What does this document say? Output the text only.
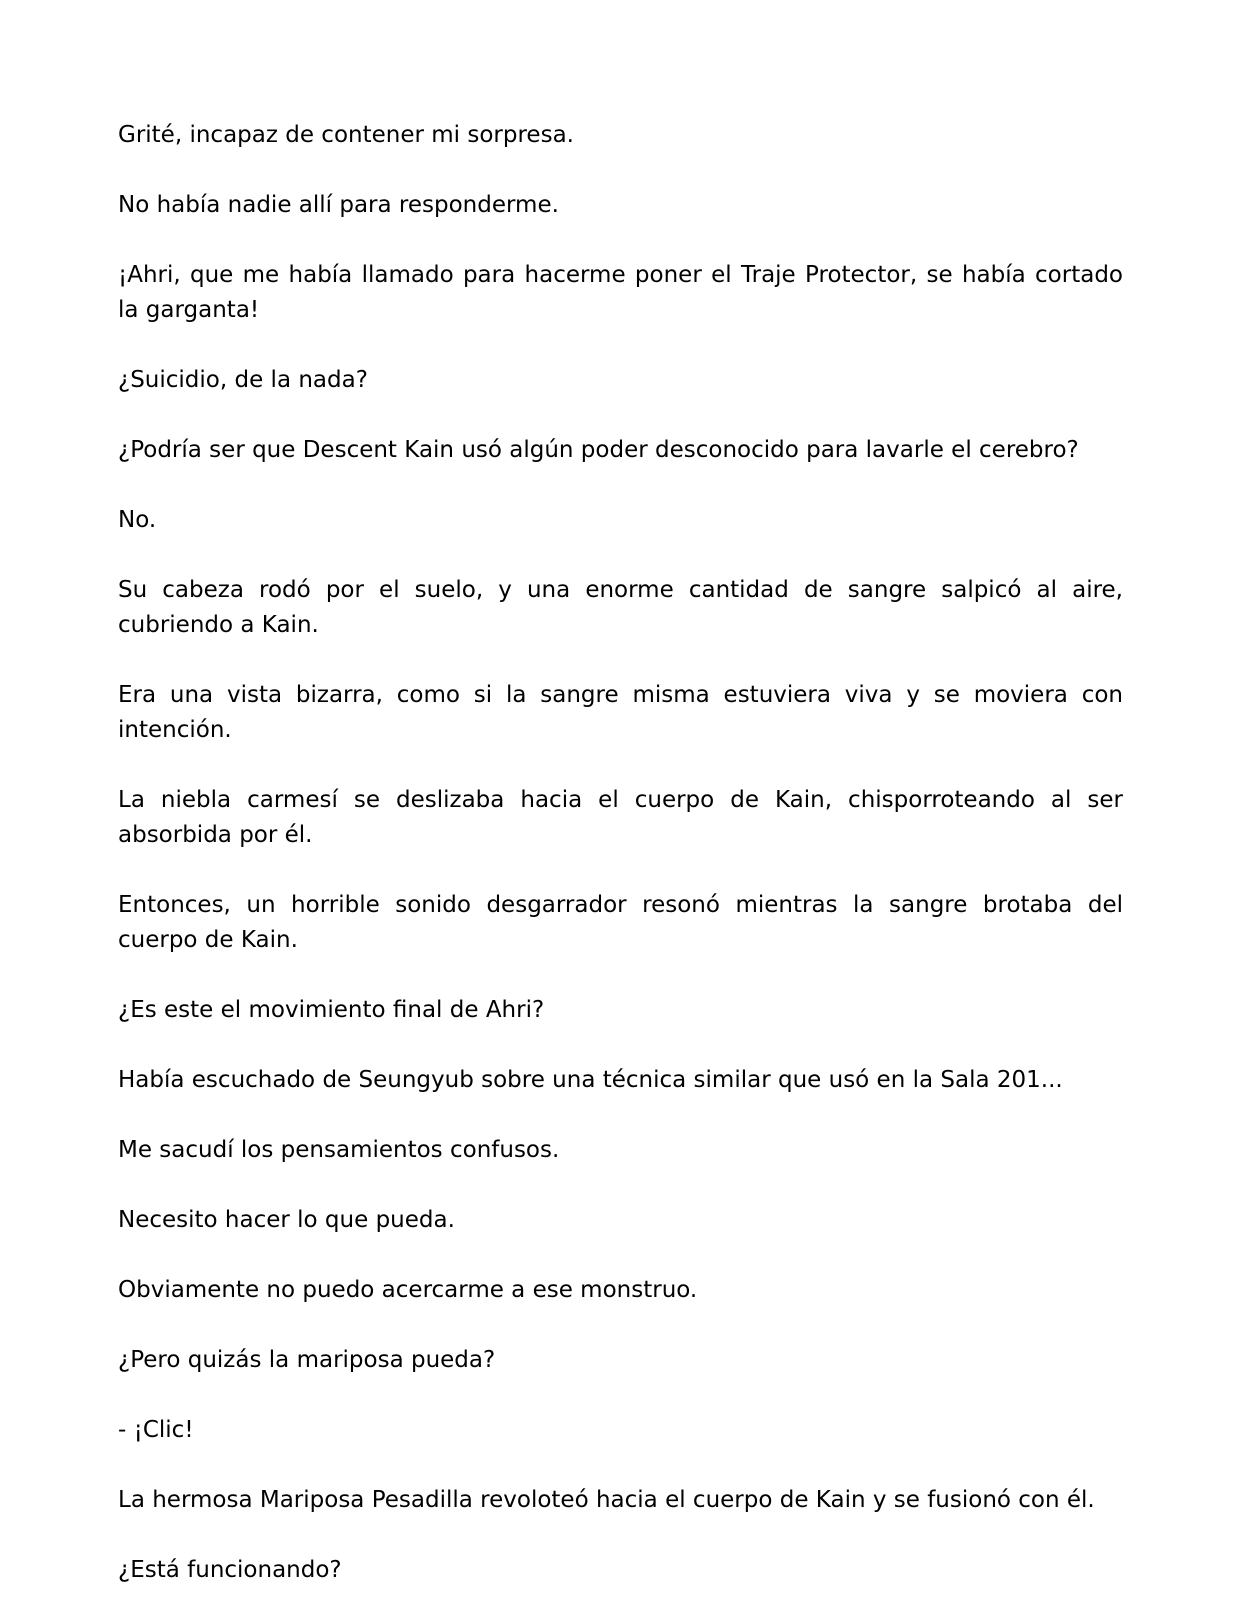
Grité, incapaz de contener mi sorpresa.

No había nadie allí para responderme.

¡Ahri, que me había llamado para hacerme poner el Traje Protector, se había cortado la garganta!

¿Suicidio, de la nada?

¿Podría ser que Descent Kain usó algún poder desconocido para lavarle el cerebro?

No.

Su cabeza rodó por el suelo, y una enorme cantidad de sangre salpicó al aire, cubriendo a Kain.

Era una vista bizarra, como si la sangre misma estuviera viva y se moviera con intención.

La niebla carmesí se deslizaba hacia el cuerpo de Kain, chisporroteando al ser absorbida por él.

Entonces, un horrible sonido desgarrador resonó mientras la sangre brotaba del cuerpo de Kain.

¿Es este el movimiento final de Ahri?

Había escuchado de Seungyub sobre una técnica similar que usó en la Sala 201...

Me sacudí los pensamientos confusos.

Necesito hacer lo que pueda.

Obviamente no puedo acercarme a ese monstruo.

¿Pero quizás la mariposa pueda?

- ¡Clic!

La hermosa Mariposa Pesadilla revoloteó hacia el cuerpo de Kain y se fusionó con él.

¿Está funcionando?
